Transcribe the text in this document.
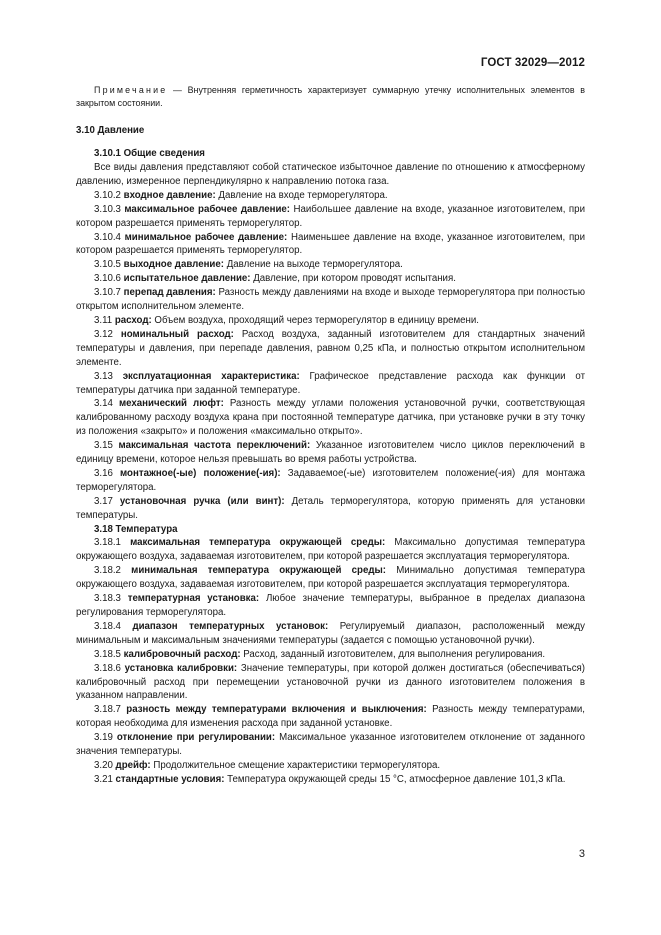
ГОСТ 32029—2012

Примечание — Внутренняя герметичность характеризует суммарную утечку исполнительных элементов в закрытом состоянии.

3.10 Давление

3.10.1 Общие сведения

Все виды давления представляют собой статическое избыточное давление по отношению к атмосферному давлению, измеренное перпендикулярно к направлению потока газа.

3.10.2 входное давление: Давление на входе терморегулятора.

3.10.3 максимальное рабочее давление: Наибольшее давление на входе, указанное изготовителем, при котором разрешается применять терморегулятор.

3.10.4 минимальное рабочее давление: Наименьшее давление на входе, указанное изготовителем, при котором разрешается применять терморегулятор.

3.10.5 выходное давление: Давление на выходе терморегулятора.

3.10.6 испытательное давление: Давление, при котором проводят испытания.

3.10.7 перепад давления: Разность между давлениями на входе и выходе терморегулятора при полностью открытом исполнительном элементе.

3.11 расход: Объем воздуха, проходящий через терморегулятор в единицу времени.

3.12 номинальный расход: Расход воздуха, заданный изготовителем для стандартных значений температуры и давления, при перепаде давления, равном 0,25 кПа, и полностью открытом исполнительном элементе.

3.13 эксплуатационная характеристика: Графическое представление расхода как функции от температуры датчика при заданной температуре.

3.14 механический люфт: Разность между углами положения установочной ручки, соответствующая калиброванному расходу воздуха крана при постоянной температуре датчика, при установке ручки в эту точку из положения «закрыто» и положения «максимально открыто».

3.15 максимальная частота переключений: Указанное изготовителем число циклов переключений в единицу времени, которое нельзя превышать во время работы устройства.

3.16 монтажное(-ые) положение(-ия): Задаваемое(-ые) изготовителем положение(-ия) для монтажа терморегулятора.

3.17 установочная ручка (или винт): Деталь терморегулятора, которую применять для установки температуры.

3.18 Температура

3.18.1 максимальная температура окружающей среды: Максимально допустимая температура окружающего воздуха, задаваемая изготовителем, при которой разрешается эксплуатация терморегулятора.

3.18.2 минимальная температура окружающей среды: Минимально допустимая температура окружающего воздуха, задаваемая изготовителем, при которой разрешается эксплуатация терморегулятора.

3.18.3 температурная установка: Любое значение температуры, выбранное в пределах диапазона регулирования терморегулятора.

3.18.4 диапазон температурных установок: Регулируемый диапазон, расположенный между минимальным и максимальным значениями температуры (задается с помощью установочной ручки).

3.18.5 калибровочный расход: Расход, заданный изготовителем, для выполнения регулирования.

3.18.6 установка калибровки: Значение температуры, при которой должен достигаться (обеспечиваться) калибровочный расход при перемещении установочной ручки из данного изготовителем положения в указанном направлении.

3.18.7 разность между температурами включения и выключения: Разность между температурами, которая необходима для изменения расхода при заданной установке.

3.19 отклонение при регулировании: Максимальное указанное изготовителем отклонение от заданного значения температуры.

3.20 дрейф: Продолжительное смещение характеристики терморегулятора.

3.21 стандартные условия: Температура окружающей среды 15 °С, атмосферное давление 101,3 кПа.

3
